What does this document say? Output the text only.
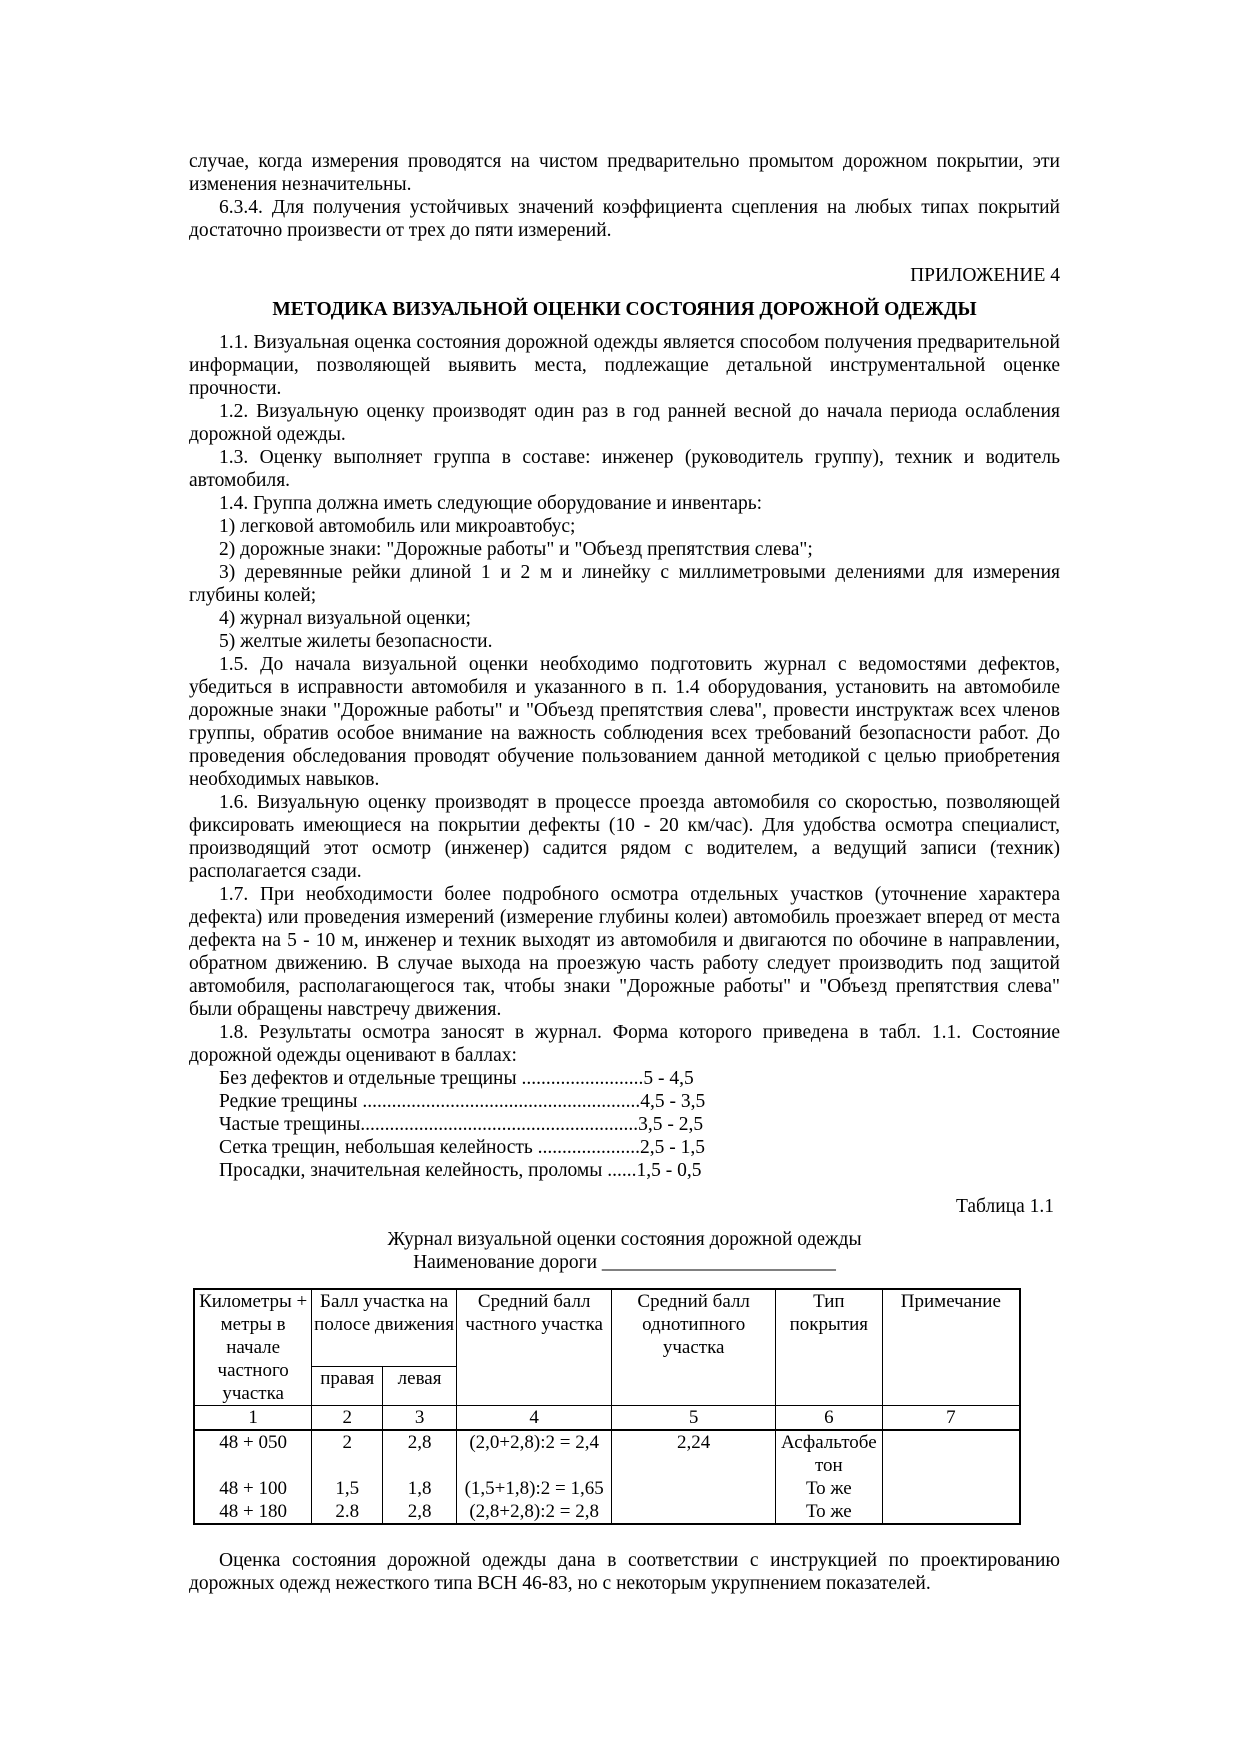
случае, когда измерения проводятся на чистом предварительно промытом дорожном покрытии, эти изменения незначительны.

6.3.4. Для получения устойчивых значений коэффициента сцепления на любых типах покрытий достаточно произвести от трех до пяти измерений.

ПРИЛОЖЕНИЕ 4
МЕТОДИКА ВИЗУАЛЬНОЙ ОЦЕНКИ СОСТОЯНИЯ ДОРОЖНОЙ ОДЕЖДЫ

1.1. Визуальная оценка состояния дорожной одежды является способом получения предварительной информации, позволяющей выявить места, подлежащие детальной инструментальной оценке прочности.

1.2. Визуальную оценку производят один раз в год ранней весной до начала периода ослабления дорожной одежды.

1.3. Оценку выполняет группа в составе: инженер (руководитель группу), техник и водитель автомобиля.

1.4. Группа должна иметь следующие оборудование и инвентарь:

1) легковой автомобиль или микроавтобус;

2) дорожные знаки: "Дорожные работы" и "Объезд препятствия слева";

3) деревянные рейки длиной 1 и 2 м и линейку с миллиметровыми делениями для измерения глубины колей;

4) журнал визуальной оценки;

5) желтые жилеты безопасности.

1.5. До начала визуальной оценки необходимо подготовить журнал с ведомостями дефектов, убедиться в исправности автомобиля и указанного в п. 1.4 оборудования, установить на автомобиле дорожные знаки "Дорожные работы" и "Объезд препятствия слева", провести инструктаж всех членов группы, обратив особое внимание на важность соблюдения всех требований безопасности работ. До проведения обследования проводят обучение пользованием данной методикой с целью приобретения необходимых навыков.

1.6. Визуальную оценку производят в процессе проезда автомобиля со скоростью, позволяющей фиксировать имеющиеся на покрытии дефекты (10 - 20 км/час). Для удобства осмотра специалист, производящий этот осмотр (инженер) садится рядом с водителем, а ведущий записи (техник) располагается сзади.

1.7. При необходимости более подробного осмотра отдельных участков (уточнение характера дефекта) или проведения измерений (измерение глубины колеи) автомобиль проезжает вперед от места дефекта на 5 - 10 м, инженер и техник выходят из автомобиля и двигаются по обочине в направлении, обратном движению. В случае выхода на проезжую часть работу следует производить под защитой автомобиля, располагающегося так, чтобы знаки "Дорожные работы" и "Объезд препятствия слева" были обращены навстречу движения.

1.8. Результаты осмотра заносят в журнал. Форма которого приведена в табл. 1.1. Состояние дорожной одежды оценивают в баллах:

Без дефектов и отдельные трещины .........................5 - 4,5
Редкие трещины .........................................................4,5 - 3,5
Частые трещины.........................................................3,5 - 2,5
Сетка трещин, небольшая келейность .....................2,5 - 1,5
Просадки, значительная келейность, проломы ......1,5 - 0,5
Таблица 1.1
Журнал визуальной оценки состояния дорожной одежды
Наименование дороги ________________________
Километры + метры в начале частного участка	Балл участка на полосе движения		Средний балл частного участка	Средний балл однотипного участка	Тип покрытия	Примечание
	правая	левая				
1	2	3	4	5	6	7
48 + 050	2	2,8	(2,0+2,8):2 = 2,4	2,24	Асфальтобетон	
48 + 100	1,5	1,8	(1,5+1,8):2 = 1,65		То же	
48 + 180	2.8	2,8	(2,8+2,8):2 = 2,8		То же	

Оценка состояния дорожной одежды дана в соответствии с инструкцией по проектированию дорожных одежд нежесткого типа ВСН 46-83, но с некоторым укрупнением показателей.
